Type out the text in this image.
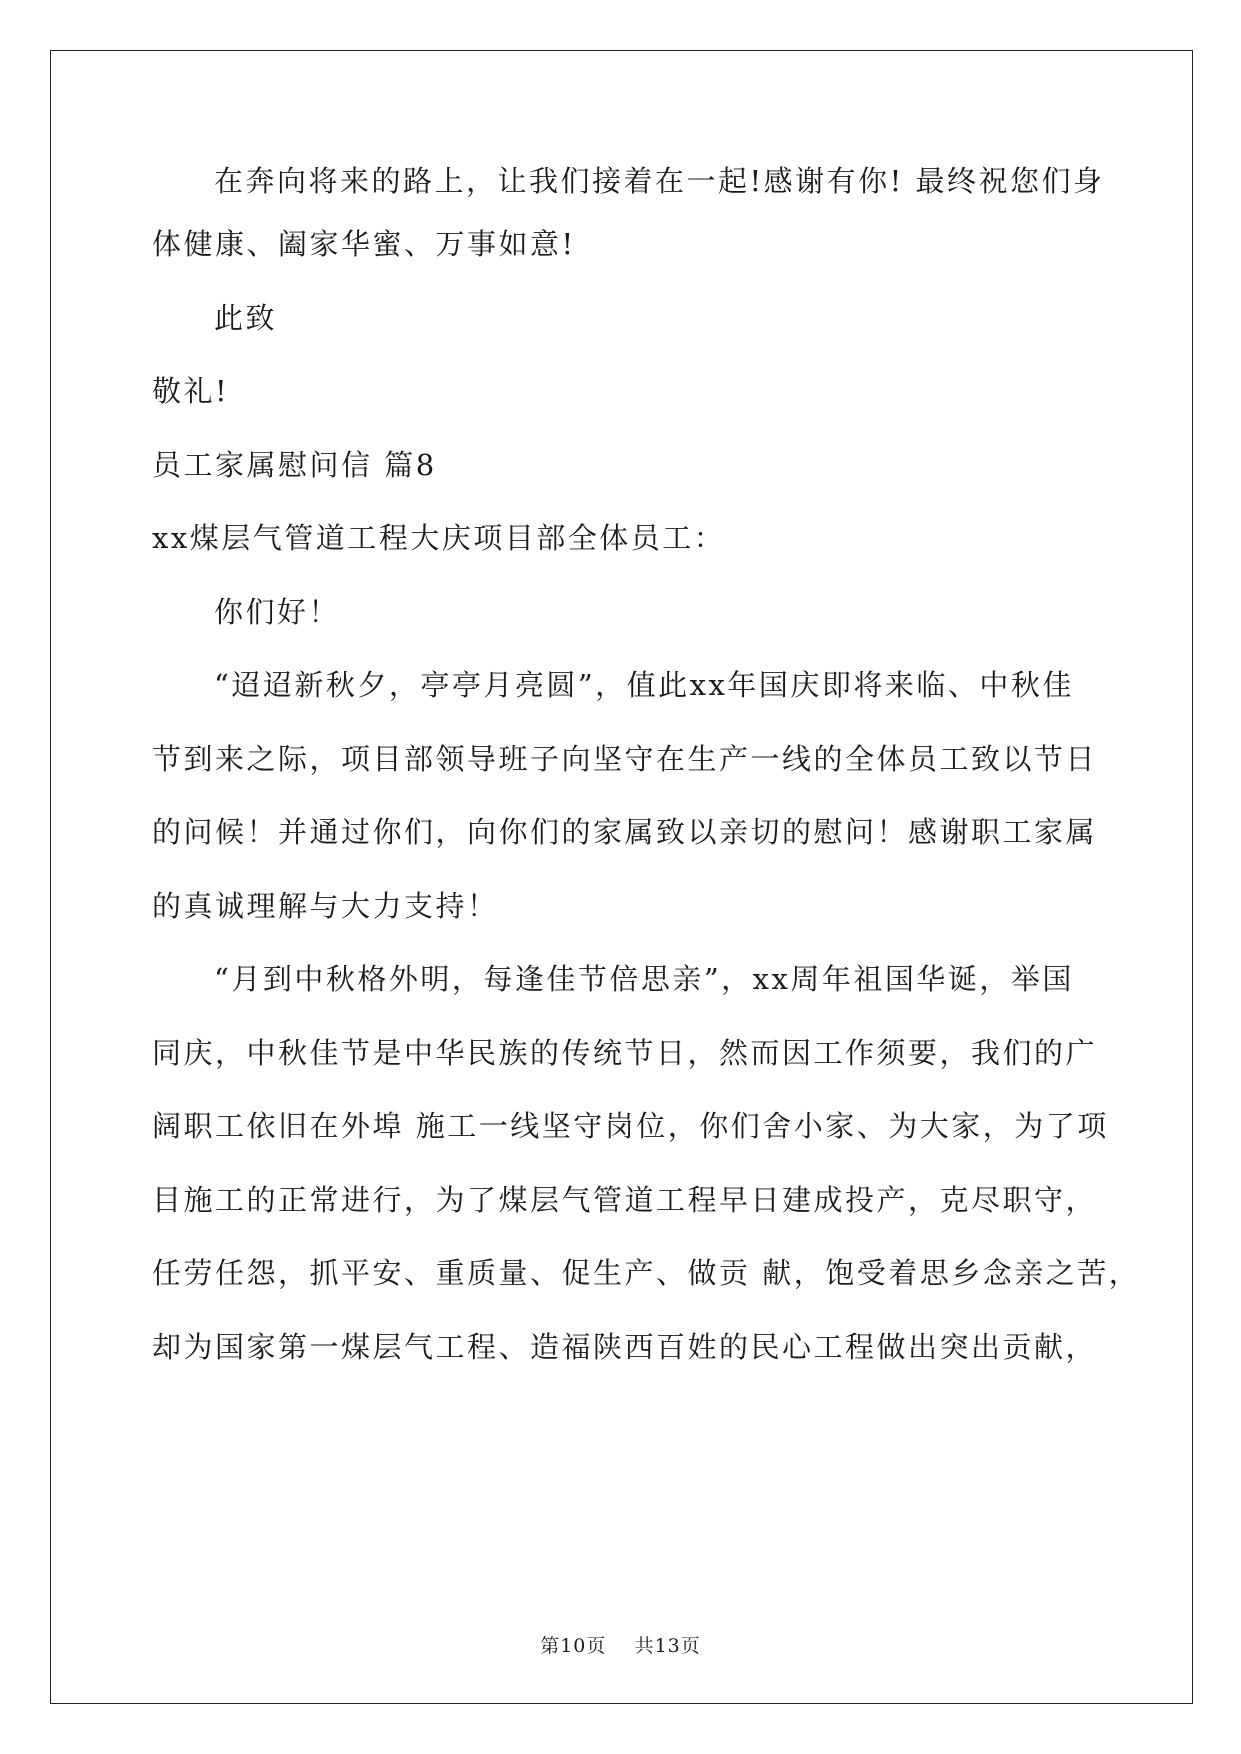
在奔向将来的路上，让我们接着在一起!感谢有你! 最终祝您们身

体健康、阖家华蜜、万事如意!

此致

敬礼!

员工家属慰问信 篇8

xx煤层气管道工程大庆项目部全体员工：

你们好！

“迢迢新秋夕，亭亭月亮圆”，值此xx年国庆即将来临、中秋佳

节到来之际，项目部领导班子向坚守在生产一线的全体员工致以节日

的问候！并通过你们，向你们的家属致以亲切的慰问！感谢职工家属

的真诚理解与大力支持！

“月到中秋格外明，每逢佳节倍思亲”，xx周年祖国华诞，举国

同庆，中秋佳节是中华民族的传统节日，然而因工作须要，我们的广

阔职工依旧在外埠 施工一线坚守岗位，你们舍小家、为大家，为了项

目施工的正常进行，为了煤层气管道工程早日建成投产，克尽职守，

任劳任怨，抓平安、重质量、促生产、做贡 献，饱受着思乡念亲之苦，

却为国家第一煤层气工程、造福陕西百姓的民心工程做出突出贡献，

第10页 共13页
